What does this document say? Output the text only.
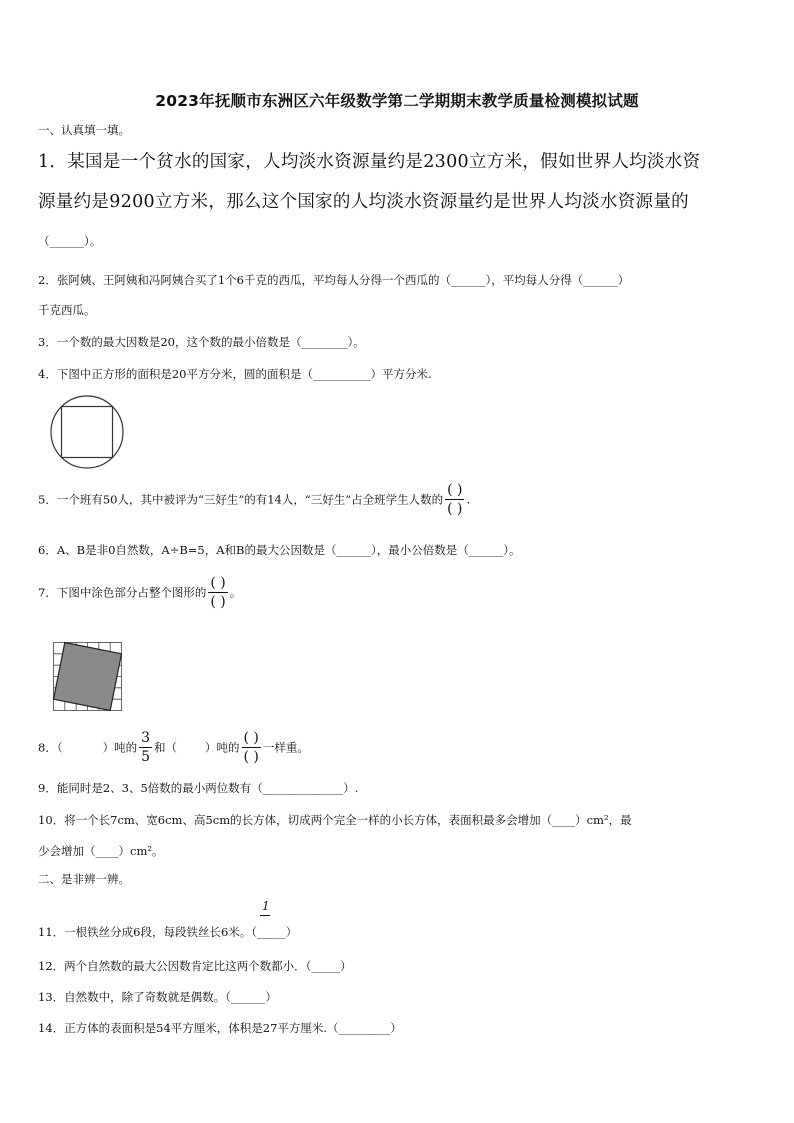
2023年抚顺市东洲区六年级数学第二学期期末教学质量检测模拟试题
一、认真填一填。
1．某国是一个贫水的国家，人均淡水资源量约是2300立方米，假如世界人均淡水资
源量约是9200立方米，那么这个国家的人均淡水资源量约是世界人均淡水资源量的
（______）。
2．张阿姨、王阿姨和冯阿姨合买了1个6千克的西瓜，平均每人分得一个西瓜的（______），平均每人分得（______）
千克西瓜。
3．一个数的最大因数是20，这个数的最小倍数是（________）。
4．下图中正方形的面积是20平方分米，圆的面积是（__________）平方分米.
5．一个班有50人，其中被评为“三好生”的有14人，“三好生”占全班学生人数的 $\frac{( )}{( )}$ .
6．A、B是非0自然数，A÷B=5，A和B的最大公因数是（______），最小公倍数是（______）。
7．下图中涂色部分占整个图形的 $\frac{( )}{( )}$ 。
8．（	）吨的 $\frac{3}{5}$ 和（ ）吨的 $\frac{( )}{( )}$ 一样重。
9．能同时是2、3、5倍数的最小两位数有（______________）.
10．将一个长7cm、宽6cm、高5cm的长方体，切成两个完全一样的小长方体，表面积最多会增加（____）cm²，最
少会增加（____）cm²。
二、是非辨一辨。
1
11．一根铁丝分成6段，每段铁丝长6米。（_____）
12．两个自然数的最大公因数肯定比这两个数都小．（_____）
13．自然数中，除了奇数就是偶数。（______）
14．正方体的表面积是54平方厘米，体积是27平方厘米.（_________）
